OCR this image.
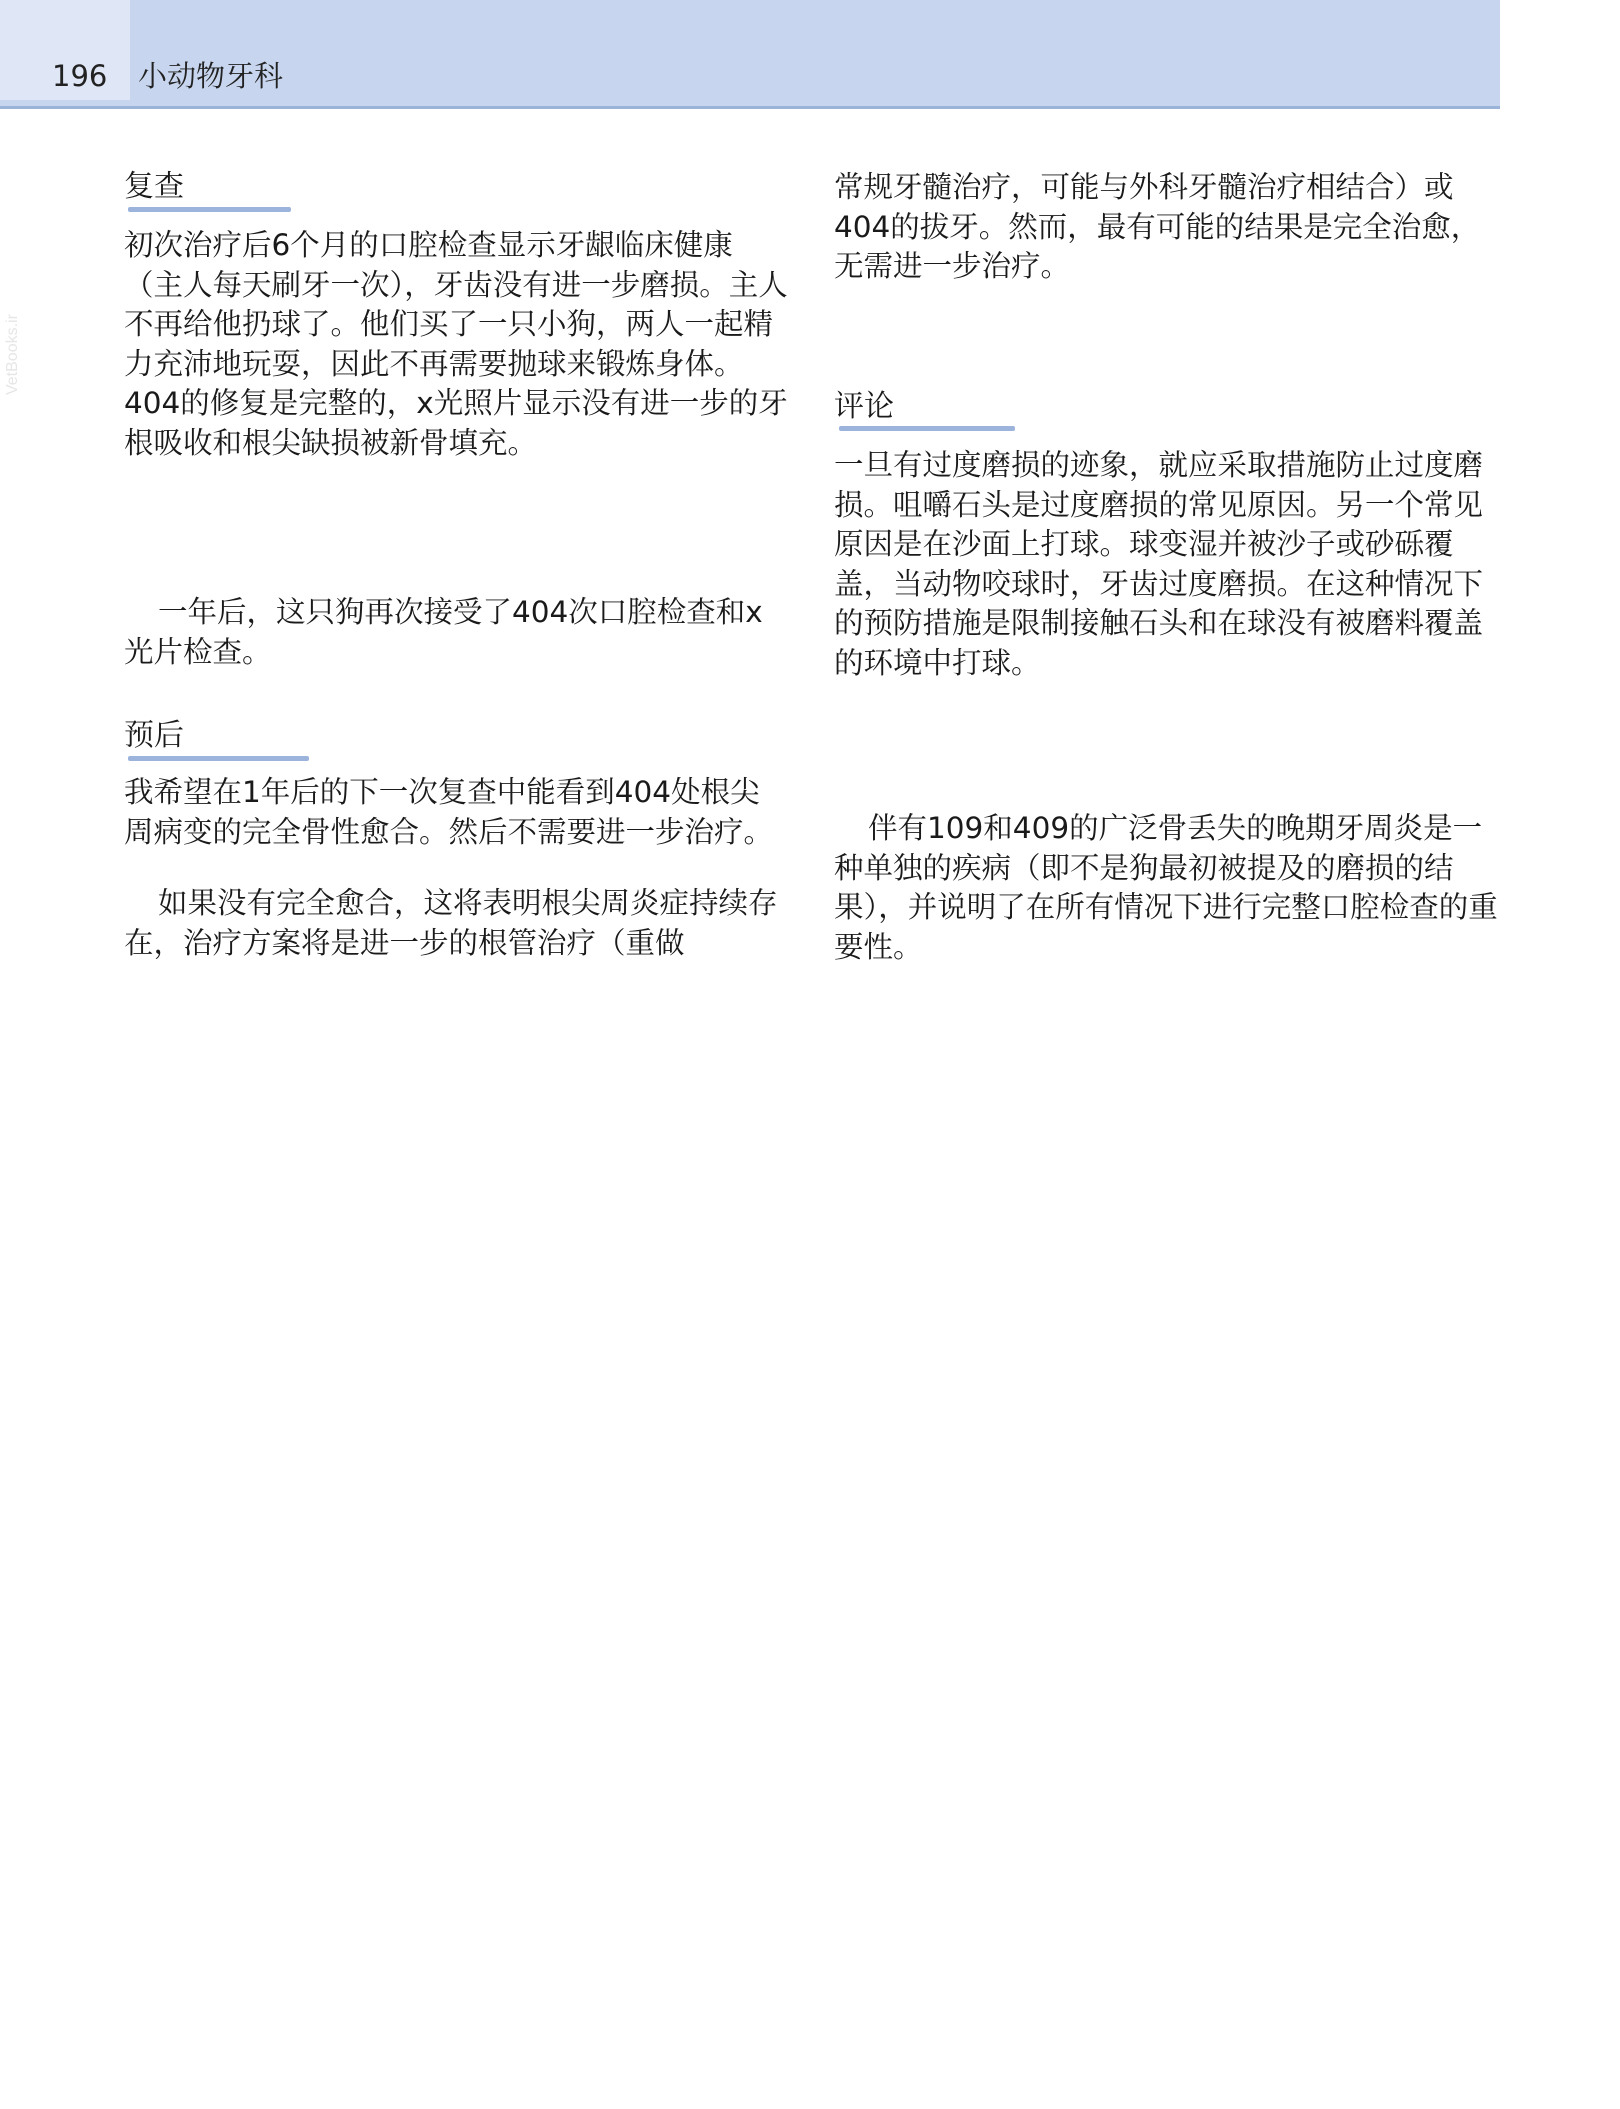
196 小动物牙科
VetBooks.ir
复查

初次治疗后6个月的口腔检查显示牙龈临床健康（主人每天刷牙一次），牙齿没有进一步磨损。主人不再给他扔球了。他们买了一只小狗，两人一起精力充沛地玩耍，因此不再需要抛球来锻炼身体。404的修复是完整的，x光照片显示没有进一步的牙根吸收和根尖缺损被新骨填充。

一年后，这只狗再次接受了404次口腔检查和x光片检查。

预后

我希望在1年后的下一次复查中能看到404处根尖周病变的完全骨性愈合。然后不需要进一步治疗。

如果没有完全愈合，这将表明根尖周炎症持续存在，治疗方案将是进一步的根管治疗（重做

常规牙髓治疗，可能与外科牙髓治疗相结合）或404的拔牙。然而，最有可能的结果是完全治愈，无需进一步治疗。

评论

一旦有过度磨损的迹象，就应采取措施防止过度磨损。咀嚼石头是过度磨损的常见原因。另一个常见原因是在沙面上打球。球变湿并被沙子或砂砾覆盖，当动物咬球时，牙齿过度磨损。在这种情况下的预防措施是限制接触石头和在球没有被磨料覆盖的环境中打球。

伴有109和409的广泛骨丢失的晚期牙周炎是一种单独的疾病（即不是狗最初被提及的磨损的结果），并说明了在所有情况下进行完整口腔检查的重要性。
